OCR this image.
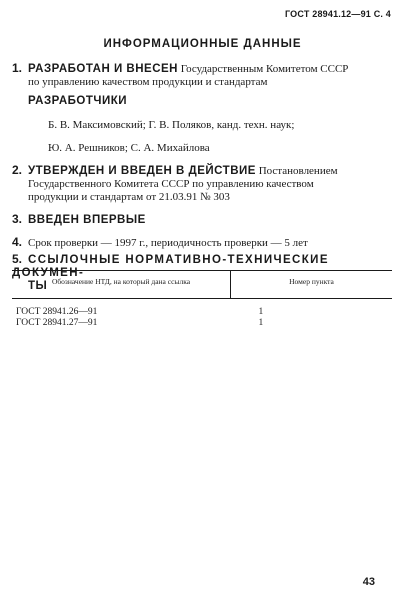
ГОСТ 28941.12—91 С. 4
ИНФОРМАЦИОННЫЕ ДАННЫЕ
1. РАЗРАБОТАН И ВНЕСЕН Государственным Комитетом СССР
по управлению качеством продукции и стандартам
РАЗРАБОТЧИКИ
Б. В. Максимовский; Г. В. Поляков, канд. техн. наук;
Ю. А. Решников; С. А. Михайлова
2. УТВЕРЖДЕН И ВВЕДЕН В ДЕЙСТВИЕ Постановлением
Государственного Комитета СССР по управлению качеством
продукции и стандартам от 21.03.91 № 303
3. ВВЕДЕН ВПЕРВЫЕ
4. Срок проверки — 1997 г., периодичность проверки — 5 лет
5. ССЫЛОЧНЫЕ НОРМАТИВНО-ТЕХНИЧЕСКИЕ ДОКУМЕН-
ТЫ Обозначение НТД, на который дана ссылка	Номер пункта
ГОСТ 28941.26—91	1
ГОСТ 28941.27—91	1
43
